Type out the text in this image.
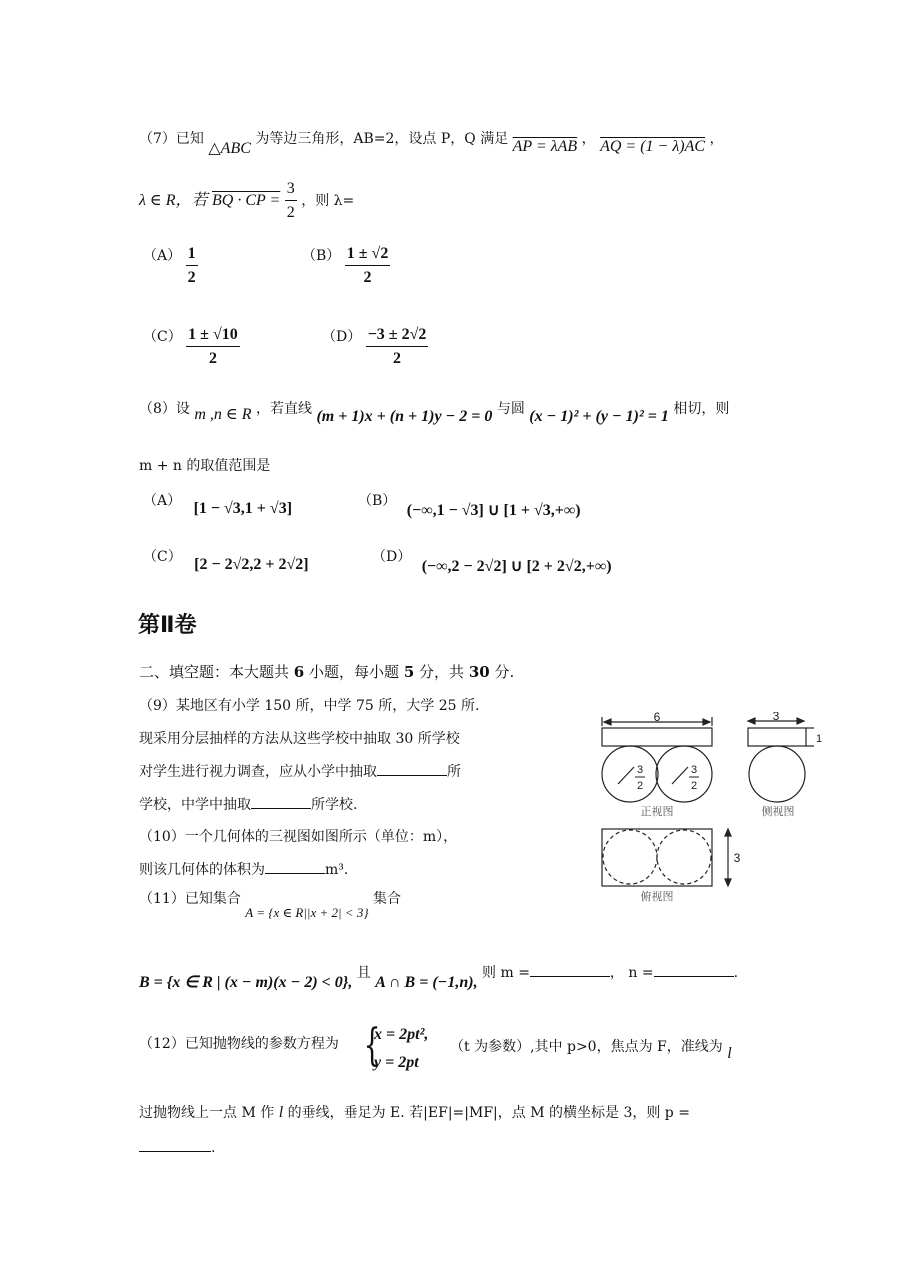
（7）已知 △ABC 为等边三角形，AB=2，设点 P，Q 满足 AP = λAB ， AQ = (1 − λ)AC ，
λ ∈ R，若 BQ · CP = $\frac{3}{2}$ ，则 λ=
$(A) \frac{1}{2}$	$(B) \frac{1 \pm √2}{2}$
$(C) \frac{1 \pm √10}{2}$	$(D) \frac{-3 \pm 2√2}{2}$
（8）设 m ,n ∈ R ，若直线 (m + 1)x + (n + 1)y − 2 = 0 与圆 (x − 1)² + (y − 1)² = 1 相切，则
m + n 的取值范围是
（A） [1 − √3,1 + √3]	（B） (−∞,1 − √3] ∪ [1 + √3,+∞)
（C） [2 − 2√2,2 + 2√2]	（D） (−∞,2 − 2√2] ∪ [2 + 2√2,+∞)
第Ⅱ卷
二、填空题：本大题共 6 小题，每小题 5 分，共 30 分.
（9）某地区有小学 150 所，中学 75 所，大学 25 所.
现采用分层抽样的方法从这些学校中抽取 30 所学校
对学生进行视力调查，应从小学中抽取	所
学校，中学中抽取	所学校.
（10）一个几何体的三视图如图所示（单位：m），
则该几何体的体积为	m³.
（11）已知集合 A = {x ∈ R||x + 2| < 3} 集合
B = {x ∈ R | (x − m)(x − 2) < 0}, 且 A ∩ B = (−1,n), 则 m =	， n =	.
（12）已知抛物线的参数方程为 {
x = 2pt²,
y = 2pt
（t 为参数）,其中 p>0，焦点为 F，准线为 l
过抛物线上一点 M 作 l 的垂线，垂足为 E. 若|EF|=|MF|，点 M 的横坐标是 3，则 p =
.
6
3
2
3
2
正视图
3
1
侧视图
3
俯视图
